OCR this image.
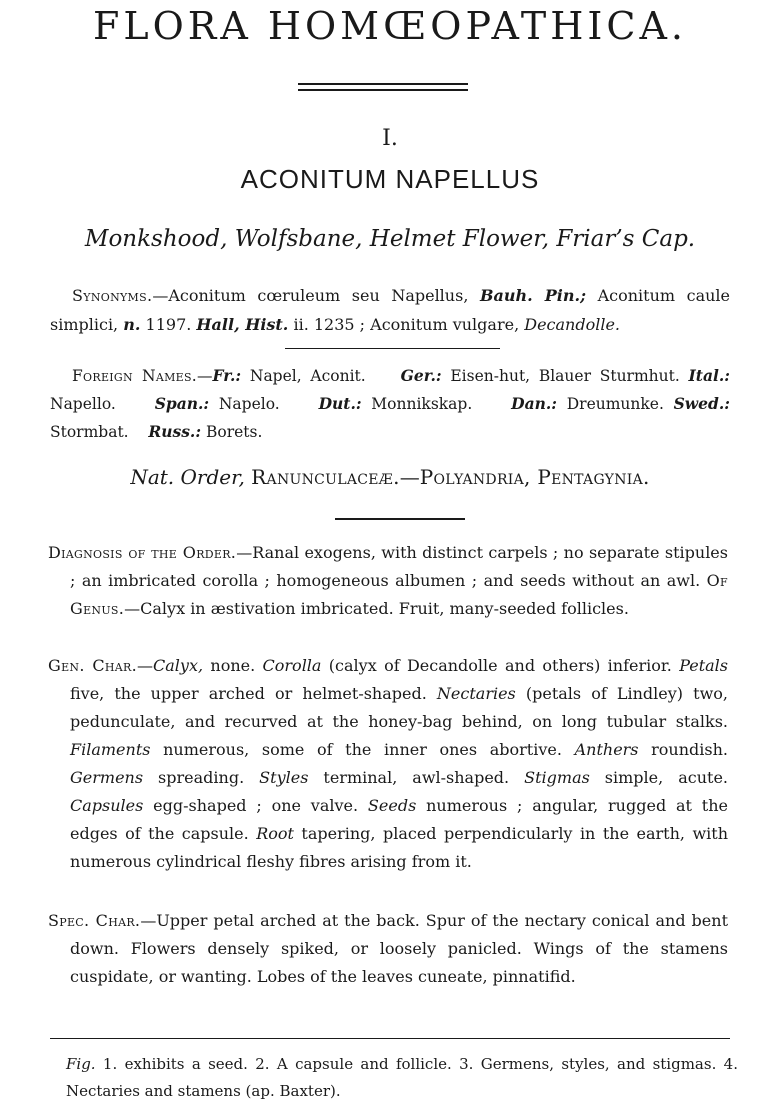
FLORA HOMŒOPATHICA.
I.
ACONITUM NAPELLUS
Monkshood, Wolfsbane, Helmet Flower, Friar’s Cap.
Synonyms.—Aconitum cœruleum seu Napellus, Bauh. Pin.; Aconitum caule simplici, n. 1197. Hall, Hist. ii. 1235 ; Aconitum vulgare, Decandolle.
Foreign Names.—Fr.: Napel, Aconit. Ger.: Eisen-hut, Blauer Sturmhut. Ital.: Napello.	Span.: Napelo.	Dut.: Monnikskap.	Dan.: Dreumunke. Swed.: Stormbat. Russ.: Borets.
Nat. Order, Ranunculaceæ.—Polyandria, Pentagynia.
Diagnosis of the Order.—Ranal exogens, with distinct carpels ; no separate stipules ; an imbricated corolla ; homogeneous albumen ; and seeds without an awl. Of Genus.—Calyx in æstivation imbricated. Fruit, many-seeded follicles.
Gen. Char.—Calyx, none. Corolla (calyx of Decandolle and others) inferior. Petals five, the upper arched or helmet-shaped. Nectaries (petals of Lindley) two, pedunculate, and recurved at the honey-bag behind, on long tubular stalks. Filaments numerous, some of the inner ones abortive. Anthers roundish. Germens spreading. Styles terminal, awl-shaped. Stigmas simple, acute. Capsules egg-shaped ; one valve. Seeds numerous ; angular, rugged at the edges of the capsule. Root tapering, placed perpendicularly in the earth, with numerous cylindrical fleshy fibres arising from it.
Spec. Char.—Upper petal arched at the back. Spur of the nectary conical and bent down. Flowers densely spiked, or loosely panicled. Wings of the stamens cuspidate, or wanting. Lobes of the leaves cuneate, pinnatifid.
Fig. 1. exhibits a seed. 2. A capsule and follicle. 3. Germens, styles, and stigmas. 4. Nectaries and stamens (ap. Baxter).
